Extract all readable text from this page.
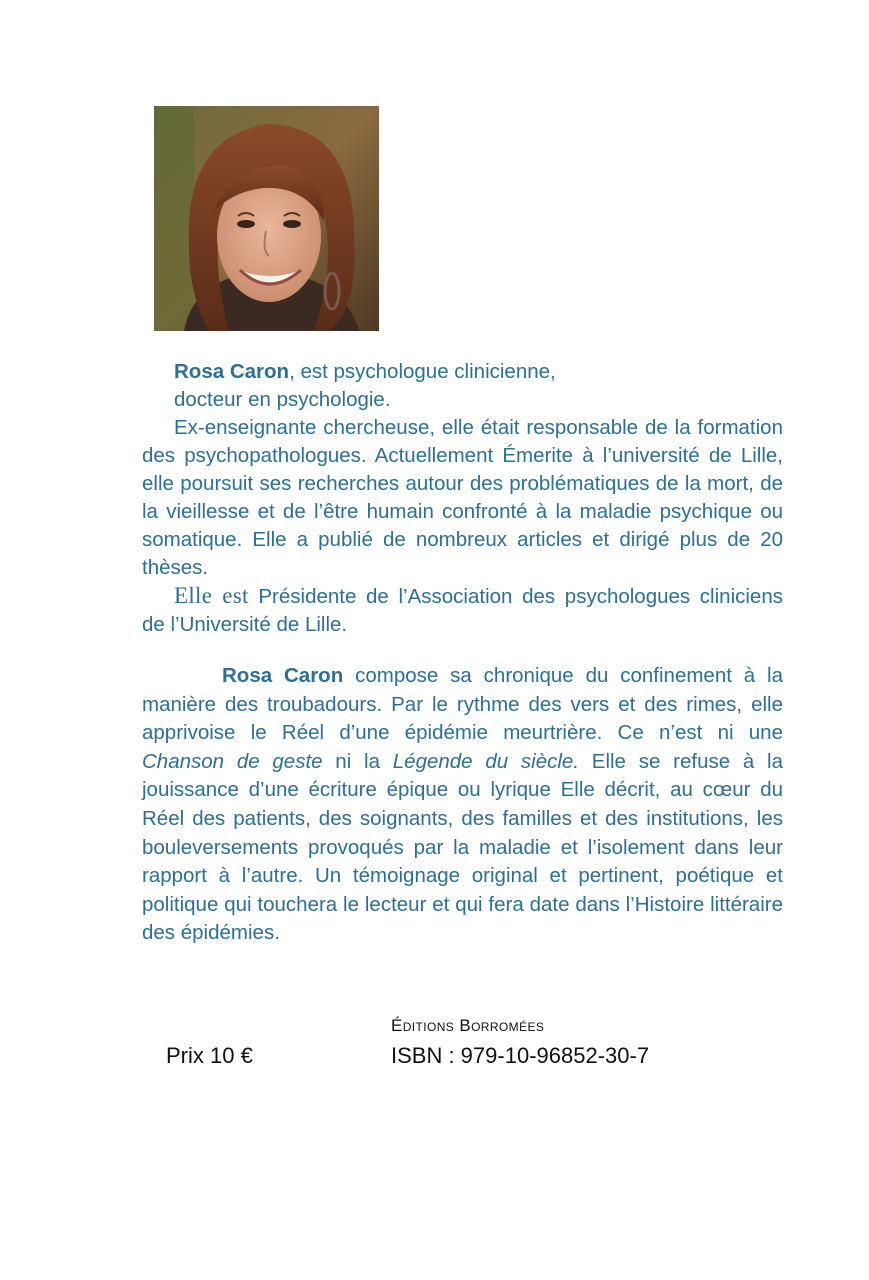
Rosa Caron, est psychologue clinicienne,

docteur en psychologie.

Ex-enseignante chercheuse, elle était responsable de la formation des psychopathologues. Actuellement Émerite à l’université de Lille, elle poursuit ses recherches autour des problématiques de la mort, de la vieillesse et de l’être humain confronté à la maladie psychique ou somatique. Elle a publié de nombreux articles et dirigé plus de 20 thèses.

Elle est Présidente de l’Association des psychologues cliniciens de l’Université de Lille.

Rosa Caron compose sa chronique du confinement à la manière des troubadours. Par le rythme des vers et des rimes, elle apprivoise le Réel d’une épidémie meurtrière. Ce n’est ni une Chanson de geste ni la Légende du siècle. Elle se refuse à la jouissance d’une écriture épique ou lyrique Elle décrit, au cœur du Réel des patients, des soignants, des familles et des institutions, les bouleversements provoqués par la maladie et l’isolement dans leur rapport à l’autre. Un témoignage original et pertinent, poétique et politique qui touchera le lecteur et qui fera date dans l’Histoire littéraire des épidémies.

Prix 10 €
Éditions Borromées
ISBN : 979-10-96852-30-7
